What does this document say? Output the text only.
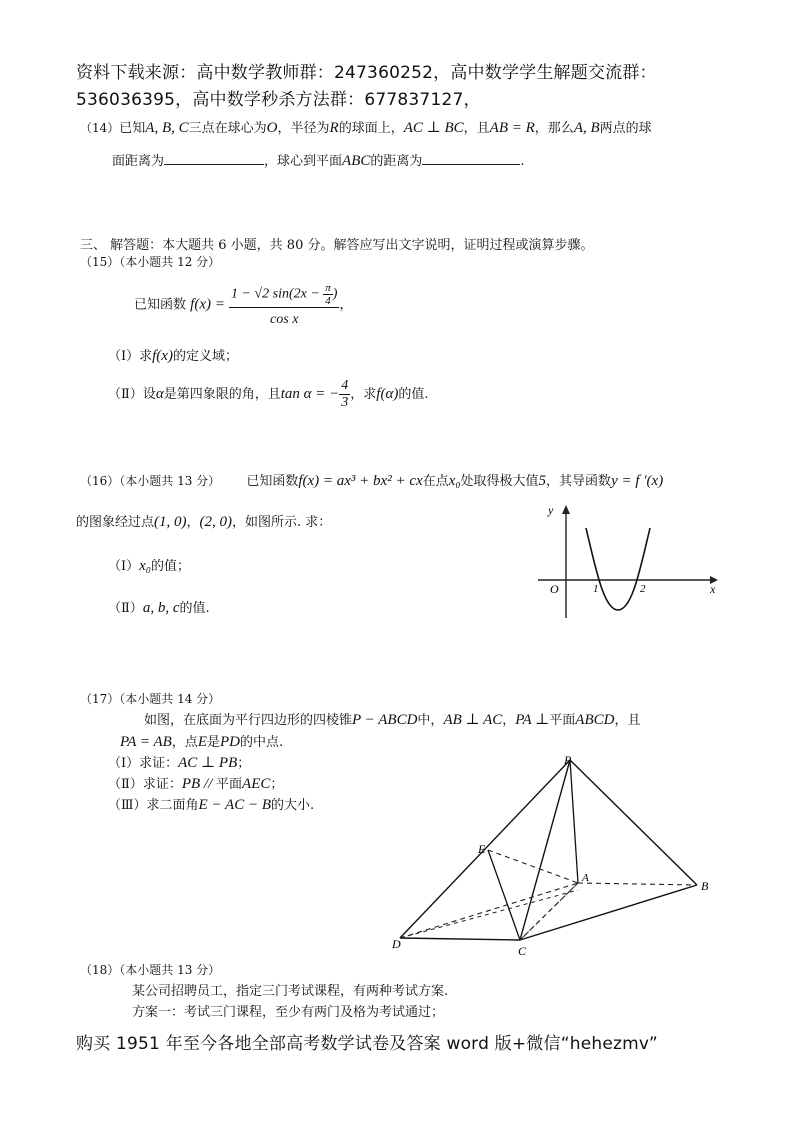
资料下载来源：高中数学教师群：247360252，高中数学学生解题交流群：
536036395，高中数学秒杀方法群：677837127，
（14）已知A, B, C三点在球心为O，半径为R的球面上，AC ⊥ BC，且AB = R，那么A, B两点的球
面距离为	，球心到平面ABC的距离为	.
三、 解答题：本大题共 6 小题，共 80 分。解答应写出文字说明，证明过程或演算步骤。
（15）（本小题共 12 分）
已知函数 $f(x) = \frac{1 - √2 \sin(2x - \frac{\pi}{4} )}{\text{cos x}}$ ，
（Ⅰ）求f(x)的定义域；
（Ⅱ）设α是第四象限的角，且tan α = − $\frac{4}{3}$ ，求f(α)的值.
（16）（本小题共 13 分） 已知函数f(x) = ax³ + bx² + cx在点x₀处取得极大值5，其导函数y = f ′(x)
的图象经过点(1, 0)，(2, 0)，如图所示. 求：
（Ⅰ）x₀的值；
（Ⅱ）a, b, c的值.
y
x
O	1	2
（17）（本小题共 14 分）
如图，在底面为平行四边形的四棱锥P − ABCD中，AB ⊥ AC，PA ⊥平面ABCD，且
PA = AB，点E是PD的中点.
（Ⅰ）求证：AC ⊥ PB；
（Ⅱ）求证：PB // 平面AEC；
（Ⅲ）求二面角E − AC − B的大小.
P
E
A
B
C
D
（18）（本小题共 13 分）
某公司招聘员工，指定三门考试课程，有两种考试方案.
方案一：考试三门课程，至少有两门及格为考试通过；
购买 1951 年至今各地全部高考数学试卷及答案 word 版+微信“hehezmv”
